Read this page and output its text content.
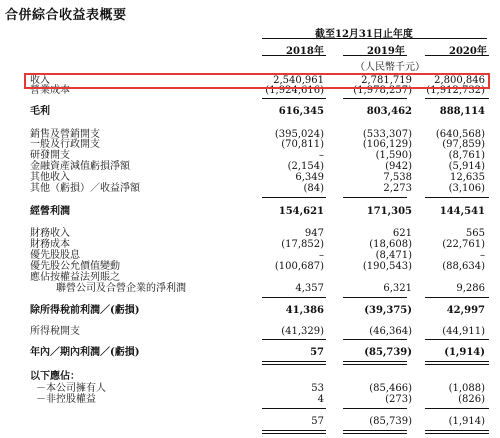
合併綜合收益表概要
截至12月31日止年度
2018年	2019年	2020年
（人民幣千元）
收入	2,540,961	2,781,719	2,800,846
營業成本	(1,924,616)	(1,978,257)	(1,912,732)
毛利	616,345	803,462	888,114
銷售及營銷開支	(395,024)	(533,307)	(640,568)
一般及行政開支	(70,811)	(106,129)	(97,859)
研發開支	–	(1,590)	(8,761)
金融資產減值虧損淨額	(2,154)	(942)	(5,914)
其他收入	6,349	7,538	12,635
其他（虧損）／收益淨額	(84)	2,273	(3,106)
經營利潤	154,621	171,305	144,541
財務收入	947	621	565
財務成本	(17,852)	(18,608)	(22,761)
優先股股息	–	(8,471)	–
優先股公允價值變動	(100,687)	(190,543)	(88,634)
應佔按權益法列賬之
聯營公司及合營企業的淨利潤	4,357	6,321	9,286
除所得稅前利潤／(虧損)	41,386	(39,375)	42,997
所得稅開支	(41,329)	(46,364)	(44,911)
年內／期內利潤／(虧損)	57	(85,739)	(1,914)
以下應佔：
－本公司擁有人	53	(85,466)	(1,088)
－非控股權益	4	(273)	(826)
57	(85,739)	(1,914)
